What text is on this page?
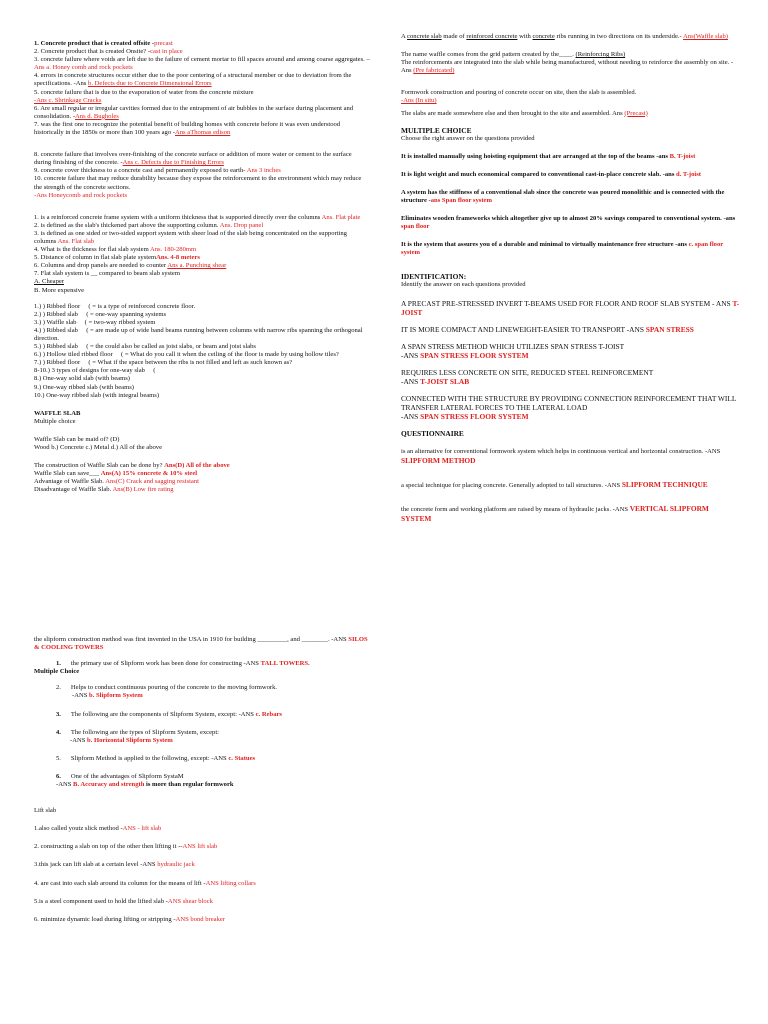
1. Concrete product that is created offsite -precast
2. Concrete product that is created Onsite? -cast in place
3. concrete failure where voids are left due to the failure of cement mortar to fill spaces around and among coarse aggregates. – Ans a. Honey comb and rock pockets
4. errors in concrete structures occur either due to the poor centering of a structural member or due to deviation from the specifications. -Ans b. Defects due to Concrete Dimensional Errors
5. concrete failure that is due to the evaporation of water from the concrete mixture
-Ans c. Shrinkage Cracks
6. Are small regular or irregular cavities formed due to the entrapment of air bubbles in the surface during placement and consolidation. -Ans d. Bugholes
7. was the first one to recognize the potential benefit of building homes with concrete before it was even understood historically in the 1850s or more than 100 years ago -Ans aThomas edison
8. concrete failure that involves over-finishing of the concrete surface or addition of more water or cement to the surface during finishing of the concrete. -Ans c. Defects due to Finishing Errors
9. concrete cover thickness to a concrete cast and permanently exposed to earth- Ans 3 inches
10. concrete failure that may reduce durability because they expose the reinforcement to the environment which may reduce the strength of the concrete sections.
-Ans Honeycomb and rock pockets
1. is a reinforced concrete frame system with a uniform thickness that is supported directly over the columns Ans. Flat plate
2. is defined as the slab's thickened part above the supporting column. Ans. Drop panel
3. is defined as one sided or two-sided support system with sheer load of the slab being concentrated on the supporting columns Ans. Flat slab
4. What is the thickness for flat slab system Ans. 180-280mm
5. Distance of column in flat slab plate systemAns. 4-8 meters
6. Columns and drop panels are needed to counter Ans a. Punching shear
7. Flat slab system is __ compared to beam slab system
A. Cheaper
B. More expensive
1.) ) Ribbed floor 　( = is a type of reinforced concrete floor.
2.) ) Ribbed slab 　( = one-way spanning systems
3.) ) Waffle slab 　( = two-way ribbed system
4.) ) Ribbed slab 　( = are made up of wide band beams running between columns with narrow ribs spanning the orthogonal direction.
5.) ) Ribbed slab 　( = the could also be called as joist slabs, or beam and joist slabs
6.) ) Hollow tiled ribbed floor 　( = What do you call it when the ceiling of the floor is made by using hollow tiles?
7.) ) Ribbed floor 　( = What if the space between the ribs is not filled and left as such known as?
8-10.) 3 types of designs for one-way slab 　(
8.) One-way solid slab (with beams)
9.) One-way ribbed slab (with beams)
10.) One-way ribbed slab (with integral beams)
WAFFLE SLAB
Multiple choice
Waffle Slab can be maid of? (D)
Wood b.) Concrete c.) Metal d.) All of the above
The construction of Waffle Slab can be done by? Ans(D) All of the above
Waffle Slab can save___ Ans(A) 15% concrete & 10% steel
Advantage of Waffle Slab. Ans(C) Crack and sagging resistant
Disadvantage of Waffle Slab. Ans(B) Low fire rating
A concrete slab made of reinforced concrete with concrete ribs running in two directions on its underside.- Ans(Waffle slab)
The name waffle comes from the grid pattern created by the____. (Reinforcing Ribs)
The reinforcements are integrated into the slab while being manufactured, without needing to reinforce the assembly on site. -Ans (Pre fabricated)
Formwork construction and pouring of concrete occur on site, then the slab is assembled.
-Ans (In situ)
The slabs are made somewhere else and then brought to the site and assembled. Ans (Precast)
MULTIPLE CHOICE
Choose the right answer on the questions provided
It is installed manually using hoisting equipment that are arranged at the top of the beams -ans B. T-joist
It is light weight and much economical compared to conventional cast-in-place concrete slab. -ans d. T-joist
A system has the stiffness of a conventional slab since the concrete was poured monolithic and is connected with the structure -ans Span floor system
Eliminates wooden frameworks which altogether give up to almost 20% savings compared to conventional system. -ans span floor
It is the system that assures you of a durable and minimal to virtually maintenance free structure -ans c. span floor system
IDENTIFICATION:
Identify the answer on each questions provided
A PRECAST PRE-STRESSED INVERT T-BEAMS USED FOR FLOOR AND ROOF SLAB SYSTEM - ANS T-JOIST
IT IS MORE COMPACT AND LINEWEIGHT-EASIER TO TRANSPORT -ANS SPAN STRESS
A SPAN STRESS METHOD WHICH UTILIZES SPAN STRESS T-JOIST
-ANS SPAN STRESS FLOOR SYSTEM
REQUIRES LESS CONCRETE ON SITE, REDUCED STEEL REINFORCEMENT
-ANS T-JOIST SLAB
CONNECTED WITH THE STRUCTURE BY PROVIDING CONNECTION REINFORCEMENT THAT WILL TRANSFER LATERAL FORCES TO THE LATERAL LOAD
-ANS SPAN STRESS FLOOR SYSTEM
QUESTIONNAIRE
is an alternative for conventional formwork system which helps in continuous vertical and horizontal construction. -ANS SLIPFORM METHOD
a special technique for placing concrete. Generally adopted to tall structures. -ANS SLIPFORM TECHNIQUE
the concrete form and working platform are raised by means of hydraulic jacks. -ANS VERTICAL SLIPFORM SYSTEM
the slipform construction method was first invented in the USA in 1910 for building _________, and ________. -ANS SILOS & COOLING TOWERS
1. the primary use of Slipform work has been done for constructing -ANS TALL TOWERS.
Multiple Choice
2. Helps to conduct continuous pouring of the concrete to the moving formwork.
-ANS b. Slipform System
3. The following are the components of Slipform System, except: -ANS c. Rebars
4. The following are the types of Slipform System, except:
-ANS b. Horizontal Slipform System
5. Slipform Method is applied to the following, except: -ANS c. Statues
6. One of the advantages of Slipform SystaM
-ANS B. Accuracy and strength is more than regular formwork
Lift slab
1.also called youtz slick method -ANS - lift slab
2. constructing a slab on top of the other then lifting it --ANS lift slab
3.this jack can lift slab at a certain level -ANS hydraulic jack
4. are cast into each slab around its column for the means of lift -ANS lifting collars
5.is a steel component used to hold the lifted slab -ANS shear block
6. minimize dynamic load during lifting or stripping -ANS bond breaker
